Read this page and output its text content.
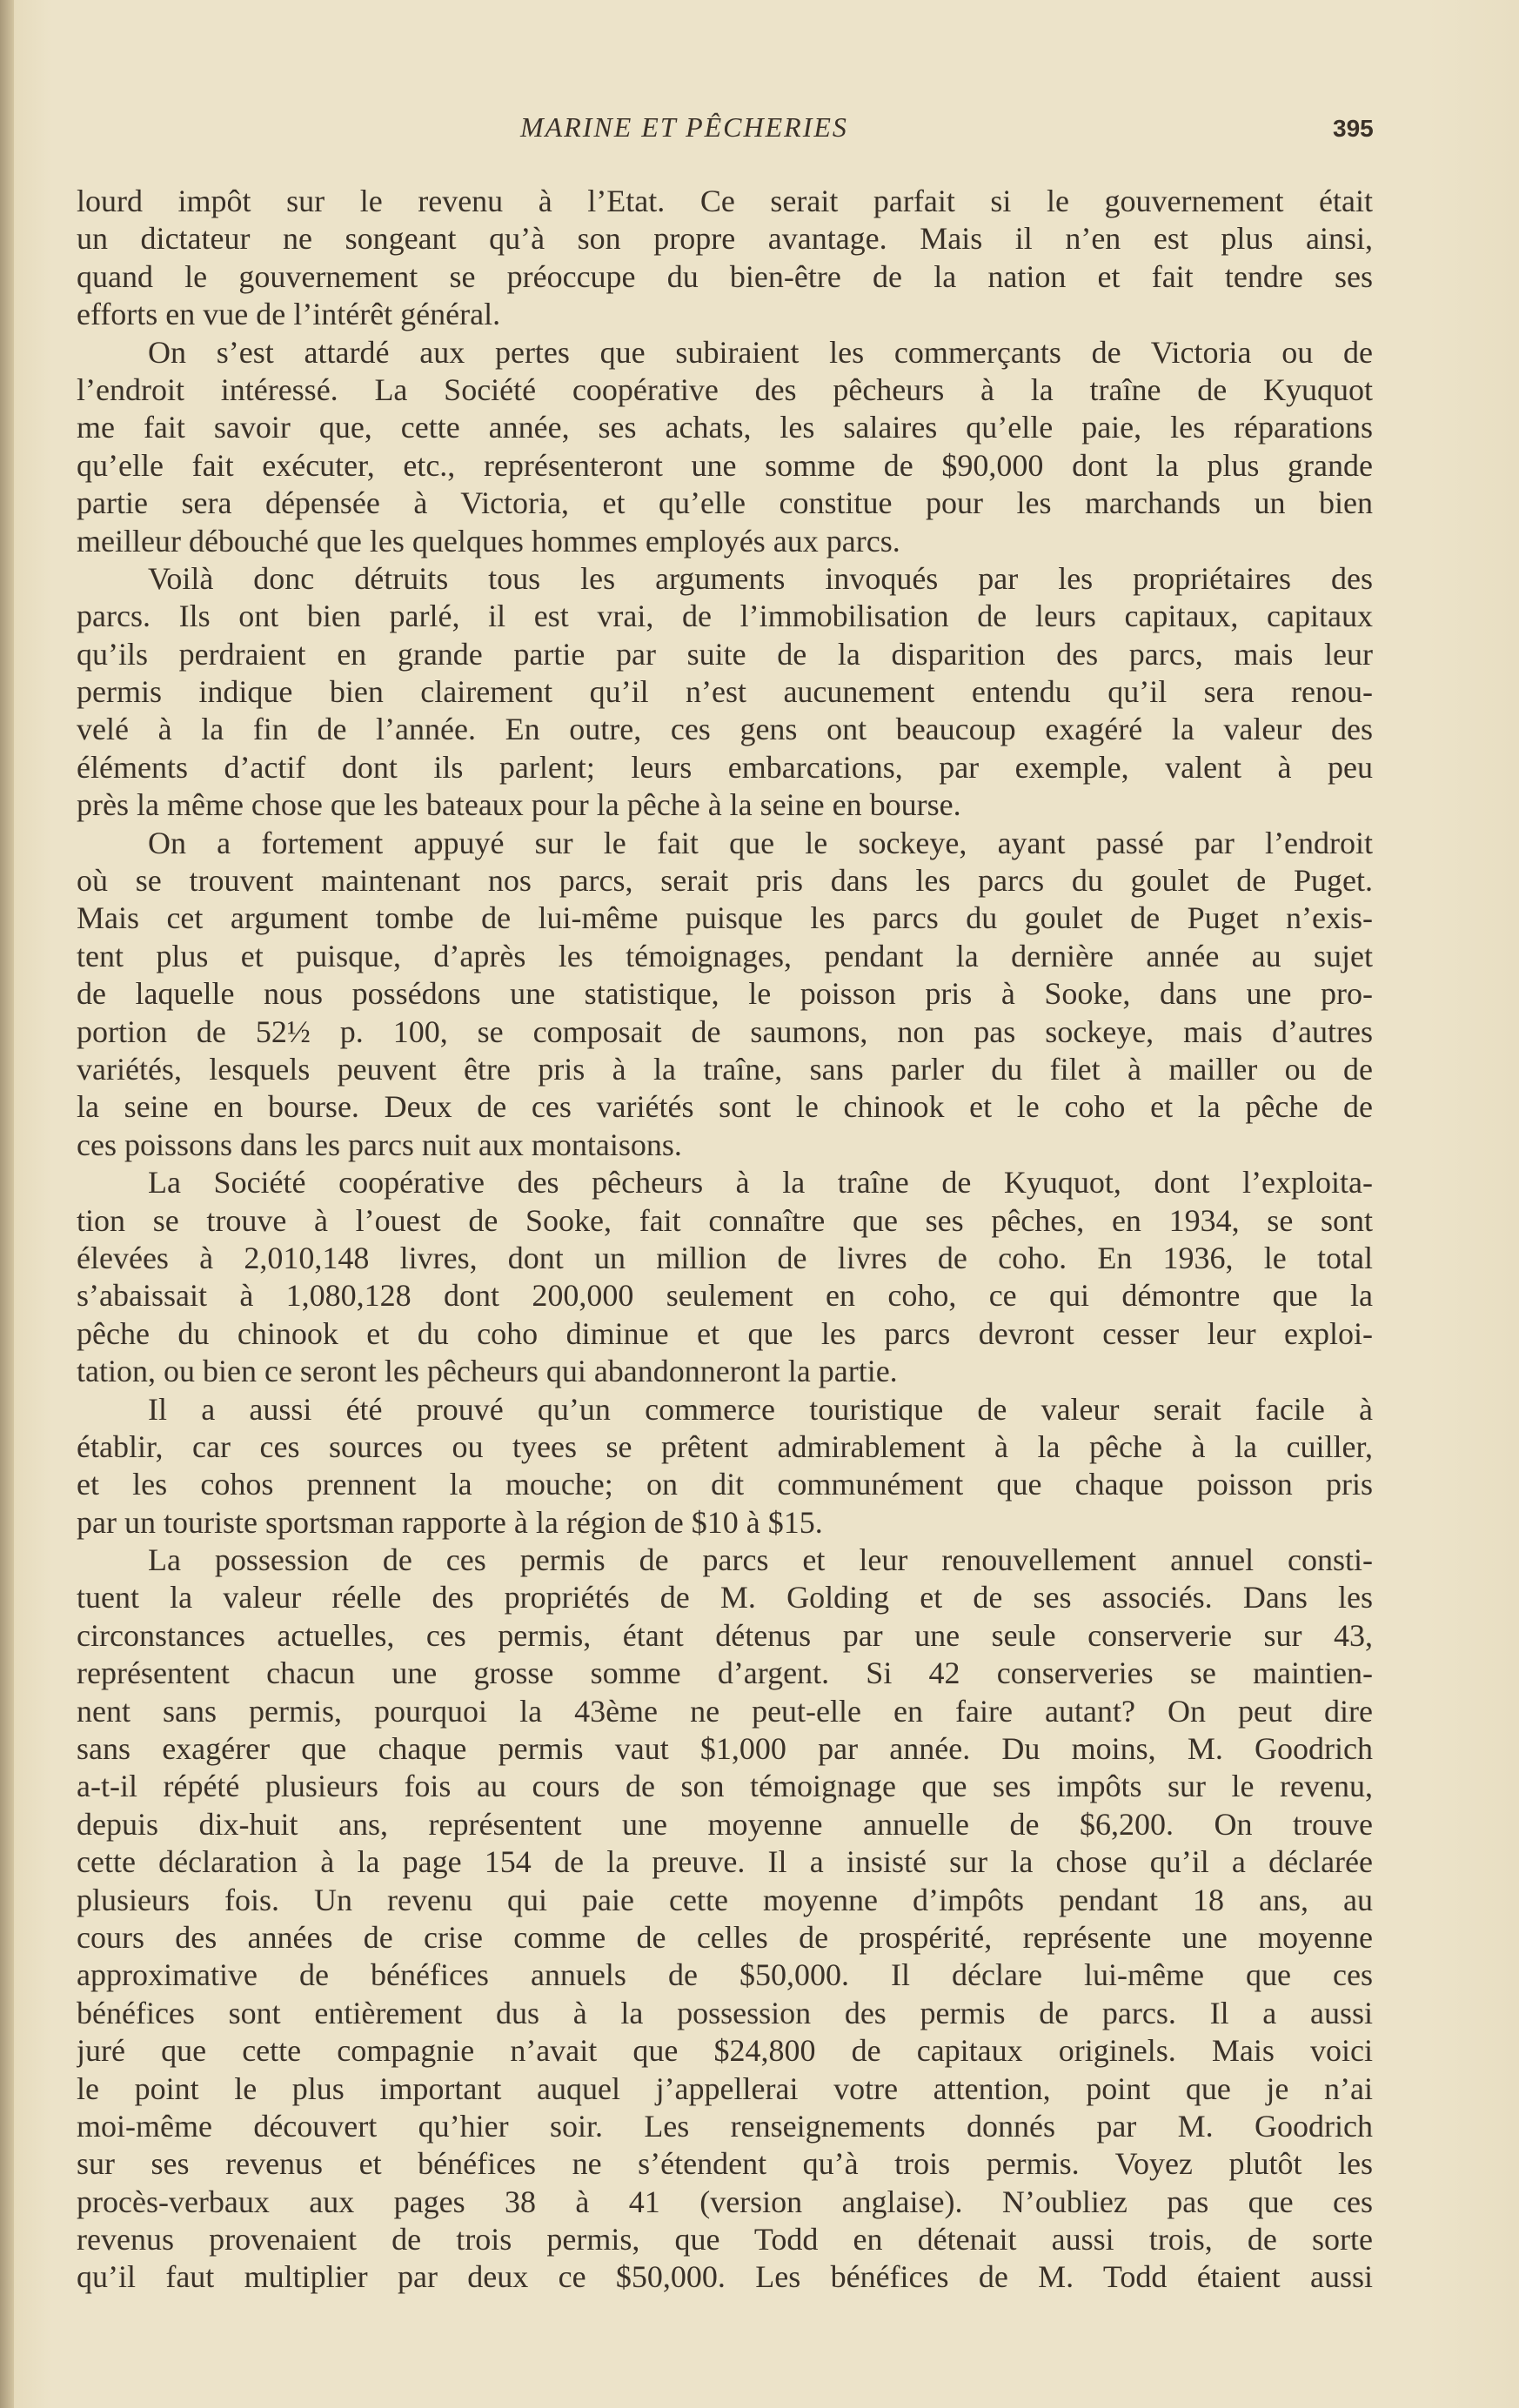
MARINE ET PÊCHERIES	395
lourd impôt sur le revenu à l’Etat. Ce serait parfait si le gouvernement était
un dictateur ne songeant qu’à son propre avantage. Mais il n’en est plus ainsi,
quand le gouvernement se préoccupe du bien-être de la nation et fait tendre ses
efforts en vue de l’intérêt général.
On s’est attardé aux pertes que subiraient les commerçants de Victoria ou de
l’endroit intéressé. La Société coopérative des pêcheurs à la traîne de Kyuquot
me fait savoir que, cette année, ses achats, les salaires qu’elle paie, les réparations
qu’elle fait exécuter, etc., représenteront une somme de $90,000 dont la plus grande
partie sera dépensée à Victoria, et qu’elle constitue pour les marchands un bien
meilleur débouché que les quelques hommes employés aux parcs.
Voilà donc détruits tous les arguments invoqués par les propriétaires des
parcs. Ils ont bien parlé, il est vrai, de l’immobilisation de leurs capitaux, capitaux
qu’ils perdraient en grande partie par suite de la disparition des parcs, mais leur
permis indique bien clairement qu’il n’est aucunement entendu qu’il sera renou-
velé à la fin de l’année. En outre, ces gens ont beaucoup exagéré la valeur des
éléments d’actif dont ils parlent; leurs embarcations, par exemple, valent à peu
près la même chose que les bateaux pour la pêche à la seine en bourse.
On a fortement appuyé sur le fait que le sockeye, ayant passé par l’endroit
où se trouvent maintenant nos parcs, serait pris dans les parcs du goulet de Puget.
Mais cet argument tombe de lui-même puisque les parcs du goulet de Puget n’exis-
tent plus et puisque, d’après les témoignages, pendant la dernière année au sujet
de laquelle nous possédons une statistique, le poisson pris à Sooke, dans une pro-
portion de 52½ p. 100, se composait de saumons, non pas sockeye, mais d’autres
variétés, lesquels peuvent être pris à la traîne, sans parler du filet à mailler ou de
la seine en bourse. Deux de ces variétés sont le chinook et le coho et la pêche de
ces poissons dans les parcs nuit aux montaisons.
La Société coopérative des pêcheurs à la traîne de Kyuquot, dont l’exploita-
tion se trouve à l’ouest de Sooke, fait connaître que ses pêches, en 1934, se sont
élevées à 2,010,148 livres, dont un million de livres de coho. En 1936, le total
s’abaissait à 1,080,128 dont 200,000 seulement en coho, ce qui démontre que la
pêche du chinook et du coho diminue et que les parcs devront cesser leur exploi-
tation, ou bien ce seront les pêcheurs qui abandonneront la partie.
Il a aussi été prouvé qu’un commerce touristique de valeur serait facile à
établir, car ces sources ou tyees se prêtent admirablement à la pêche à la cuiller,
et les cohos prennent la mouche; on dit communément que chaque poisson pris
par un touriste sportsman rapporte à la région de $10 à $15.
La possession de ces permis de parcs et leur renouvellement annuel consti-
tuent la valeur réelle des propriétés de M. Golding et de ses associés. Dans les
circonstances actuelles, ces permis, étant détenus par une seule conserverie sur 43,
représentent chacun une grosse somme d’argent. Si 42 conserveries se maintien-
nent sans permis, pourquoi la 43ème ne peut-elle en faire autant? On peut dire
sans exagérer que chaque permis vaut $1,000 par année. Du moins, M. Goodrich
a-t-il répété plusieurs fois au cours de son témoignage que ses impôts sur le revenu,
depuis dix-huit ans, représentent une moyenne annuelle de $6,200. On trouve
cette déclaration à la page 154 de la preuve. Il a insisté sur la chose qu’il a déclarée
plusieurs fois. Un revenu qui paie cette moyenne d’impôts pendant 18 ans, au
cours des années de crise comme de celles de prospérité, représente une moyenne
approximative de bénéfices annuels de $50,000. Il déclare lui-même que ces
bénéfices sont entièrement dus à la possession des permis de parcs. Il a aussi
juré que cette compagnie n’avait que $24,800 de capitaux originels. Mais voici
le point le plus important auquel j’appellerai votre attention, point que je n’ai
moi-même découvert qu’hier soir. Les renseignements donnés par M. Goodrich
sur ses revenus et bénéfices ne s’étendent qu’à trois permis. Voyez plutôt les
procès-verbaux aux pages 38 à 41 (version anglaise). N’oubliez pas que ces
revenus provenaient de trois permis, que Todd en détenait aussi trois, de sorte
qu’il faut multiplier par deux ce $50,000. Les bénéfices de M. Todd étaient aussi
